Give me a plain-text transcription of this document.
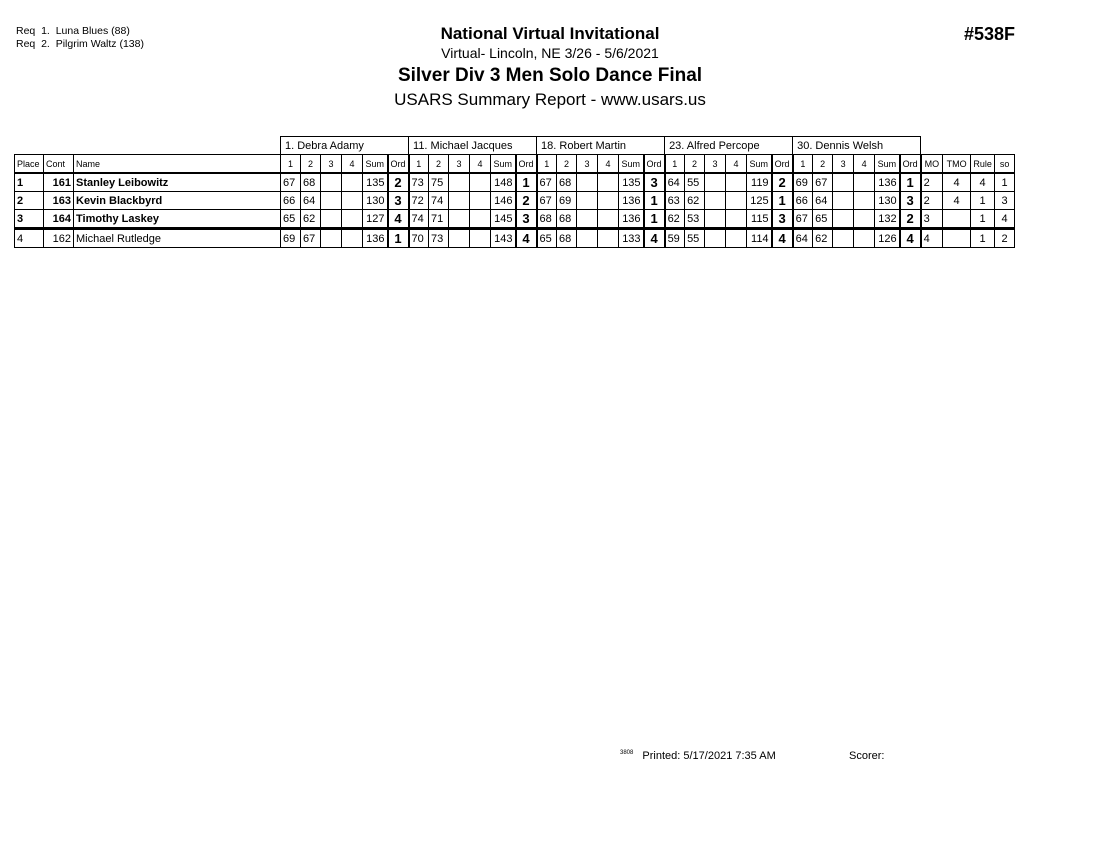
Req  1.  Luna Blues (88)
Req  2.  Pilgrim Waltz (138)
National Virtual Invitational
Virtual- Lincoln, NE 3/26 - 5/6/2021
Silver Div 3 Men Solo Dance Final
USARS Summary Report - www.usars.us
#538F
			1. Debra Adamy						11. Michael Jacques						18. Robert Martin						23. Alfred Percope						30. Dennis Welsh									
Place	Cont	Name	1	2	3	4	Sum	Ord	1	2	3	4	Sum	Ord	1	2	3	4	Sum	Ord	1	2	3	4	Sum	Ord	1	2	3	4	Sum	Ord	MO	TMO	Rule	so
1	161	Stanley Leibowitz	67	68			135	2	73	75			148	1	67	68			135	3	64	55			119	2	69	67			136	1	2	4	4	1
2	163	Kevin Blackbyrd	66	64			130	3	72	74			146	2	67	69			136	1	63	62			125	1	66	64			130	3	2	4	1	3
3	164	Timothy Laskey	65	62			127	4	74	71			145	3	68	68			136	1	62	53			115	3	67	65			132	2	3		1	4
4	162	Michael Rutledge	69	67			136	1	70	73			143	4	65	68			133	4	59	55			114	4	64	62			126	4	4		1	2
$^{3808}$ Printed: 5/17/2021 7:35 AM	Scorer:
